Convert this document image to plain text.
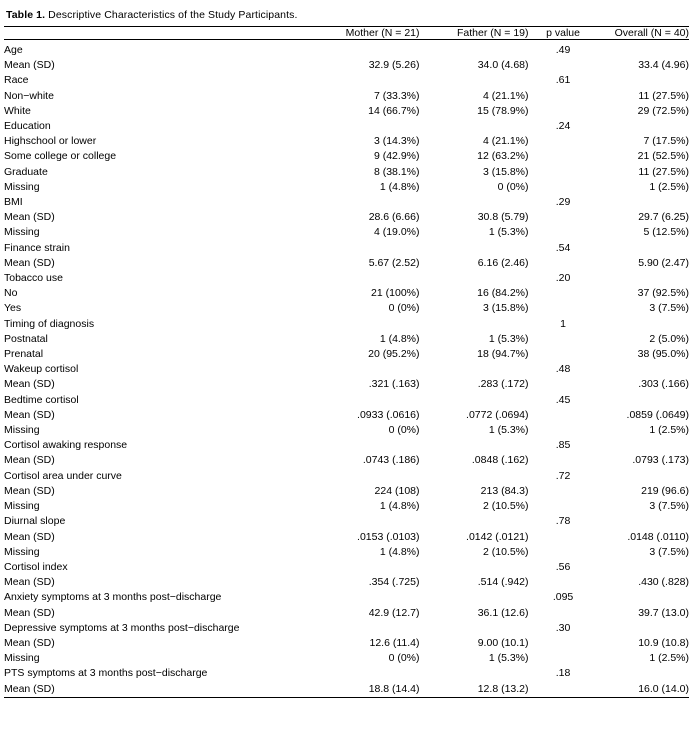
Table 1. Descriptive Characteristics of the Study Participants.
	Mother (N = 21)	Father (N = 19)	p value	Overall (N = 40)
Age			.49	
Mean (SD)	32.9 (5.26)	34.0 (4.68)		33.4 (4.96)
Race			.61	
Non−white	7 (33.3%)	4 (21.1%)		11 (27.5%)
White	14 (66.7%)	15 (78.9%)		29 (72.5%)
Education			.24	
Highschool or lower	3 (14.3%)	4 (21.1%)		7 (17.5%)
Some college or college	9 (42.9%)	12 (63.2%)		21 (52.5%)
Graduate	8 (38.1%)	3 (15.8%)		11 (27.5%)
Missing	1 (4.8%)	0 (0%)		1 (2.5%)
BMI			.29	
Mean (SD)	28.6 (6.66)	30.8 (5.79)		29.7 (6.25)
Missing	4 (19.0%)	1 (5.3%)		5 (12.5%)
Finance strain			.54	
Mean (SD)	5.67 (2.52)	6.16 (2.46)		5.90 (2.47)
Tobacco use			.20	
No	21 (100%)	16 (84.2%)		37 (92.5%)
Yes	0 (0%)	3 (15.8%)		3 (7.5%)
Timing of diagnosis			1	
Postnatal	1 (4.8%)	1 (5.3%)		2 (5.0%)
Prenatal	20 (95.2%)	18 (94.7%)		38 (95.0%)
Wakeup cortisol			.48	
Mean (SD)	.321 (.163)	.283 (.172)		.303 (.166)
Bedtime cortisol			.45	
Mean (SD)	.0933 (.0616)	.0772 (.0694)		.0859 (.0649)
Missing	0 (0%)	1 (5.3%)		1 (2.5%)
Cortisol awaking response			.85	
Mean (SD)	.0743 (.186)	.0848 (.162)		.0793 (.173)
Cortisol area under curve			.72	
Mean (SD)	224 (108)	213 (84.3)		219 (96.6)
Missing	1 (4.8%)	2 (10.5%)		3 (7.5%)
Diurnal slope			.78	
Mean (SD)	.0153 (.0103)	.0142 (.0121)		.0148 (.0110)
Missing	1 (4.8%)	2 (10.5%)		3 (7.5%)
Cortisol index			.56	
Mean (SD)	.354 (.725)	.514 (.942)		.430 (.828)
Anxiety symptoms at 3 months post−discharge			.095	
Mean (SD)	42.9 (12.7)	36.1 (12.6)		39.7 (13.0)
Depressive symptoms at 3 months post−discharge			.30	
Mean (SD)	12.6 (11.4)	9.00 (10.1)		10.9 (10.8)
Missing	0 (0%)	1 (5.3%)		1 (2.5%)
PTS symptoms at 3 months post−discharge			.18	
Mean (SD)	18.8 (14.4)	12.8 (13.2)		16.0 (14.0)
